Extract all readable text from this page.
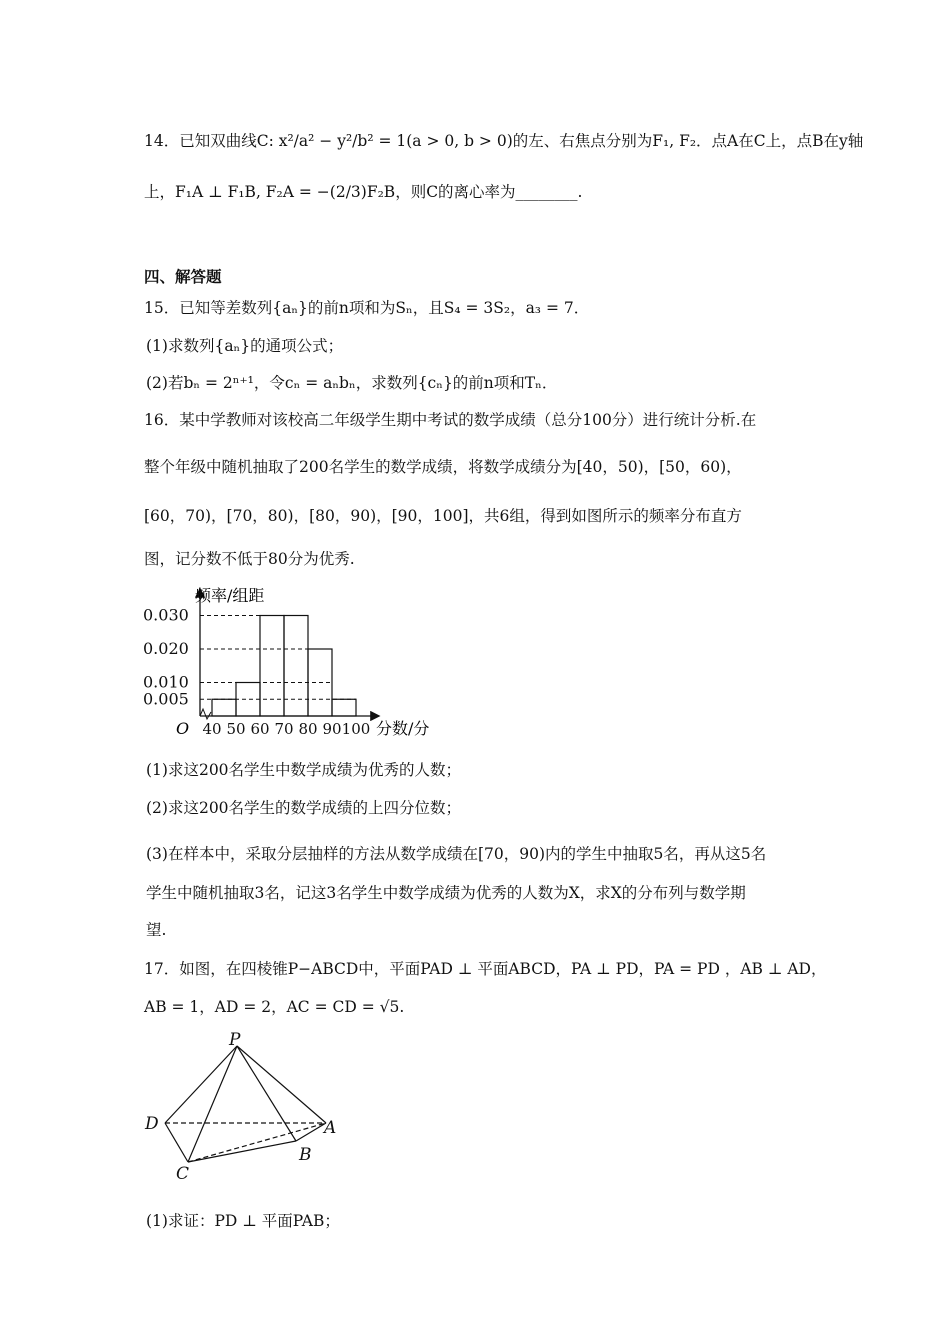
14．已知双曲线C: x²/a² − y²/b² = 1(a > 0, b > 0)的左、右焦点分别为F₁, F₂．点A在C上，点B在y轴
上，F₁A ⊥ F₁B, F₂A = −(2/3)F₂B，则C的离心率为________.
四、解答题
15．已知等差数列{aₙ}的前n项和为Sₙ，且S₄ = 3S₂，a₃ = 7．
(1)求数列{aₙ}的通项公式；
(2)若bₙ = 2ⁿ⁺¹，令cₙ = aₙbₙ，求数列{cₙ}的前n项和Tₙ．
16．某中学教师对该校高二年级学生期中考试的数学成绩（总分100分）进行统计分析.在
整个年级中随机抽取了200名学生的数学成绩，将数学成绩分为[40，50)，[50，60)，
[60，70)，[70，80)，[80，90)，[90，100]，共6组，得到如图所示的频率分布直方
图，记分数不低于80分为优秀.
频率/组距
分数/分
O
0.005
0.010
0.020
0.030
40 50 60 70 80 90 100
(1)求这200名学生中数学成绩为优秀的人数；
(2)求这200名学生的数学成绩的上四分位数；
(3)在样本中，采取分层抽样的方法从数学成绩在[70，90)内的学生中抽取5名，再从这5名
学生中随机抽取3名，记这3名学生中数学成绩为优秀的人数为X，求X的分布列与数学期
望.
17．如图，在四棱锥P−ABCD中，平面PAD ⊥ 平面ABCD，PA ⊥ PD，PA = PD ，AB ⊥ AD，
AB = 1，AD = 2，AC = CD = √5.
P
D	A
B
C
(1)求证：PD ⊥ 平面PAB；
